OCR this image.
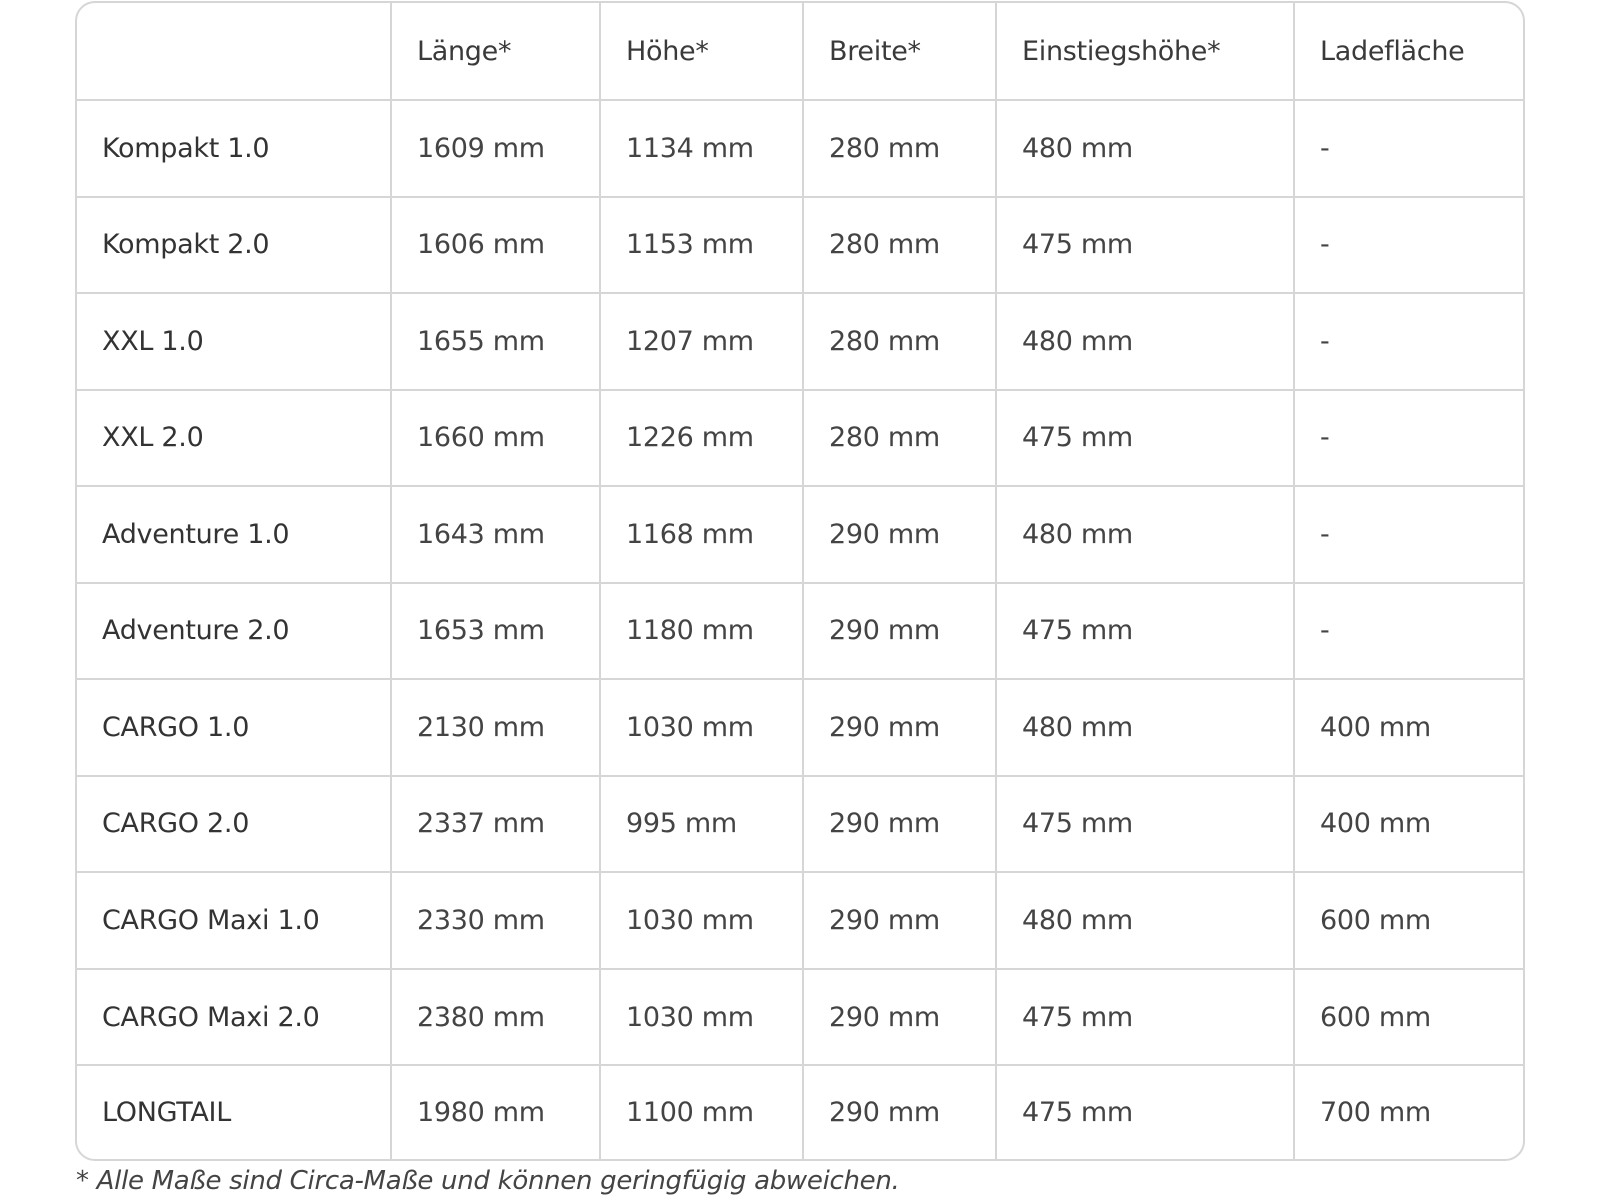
	Länge*	Höhe*	Breite*	Einstiegshöhe*	Ladefläche
Kompakt 1.0	1609 mm	1134 mm	280 mm	480 mm	-
Kompakt 2.0	1606 mm	1153 mm	280 mm	475 mm	-
XXL 1.0	1655 mm	1207 mm	280 mm	480 mm	-
XXL 2.0	1660 mm	1226 mm	280 mm	475 mm	-
Adventure 1.0	1643 mm	1168 mm	290 mm	480 mm	-
Adventure 2.0	1653 mm	1180 mm	290 mm	475 mm	-
CARGO 1.0	2130 mm	1030 mm	290 mm	480 mm	400 mm
CARGO 2.0	2337 mm	995 mm	290 mm	475 mm	400 mm
CARGO Maxi 1.0	2330 mm	1030 mm	290 mm	480 mm	600 mm
CARGO Maxi 2.0	2380 mm	1030 mm	290 mm	475 mm	600 mm
LONGTAIL	1980 mm	1100 mm	290 mm	475 mm	700 mm
* Alle Maße sind Circa-Maße und können geringfügig abweichen.
